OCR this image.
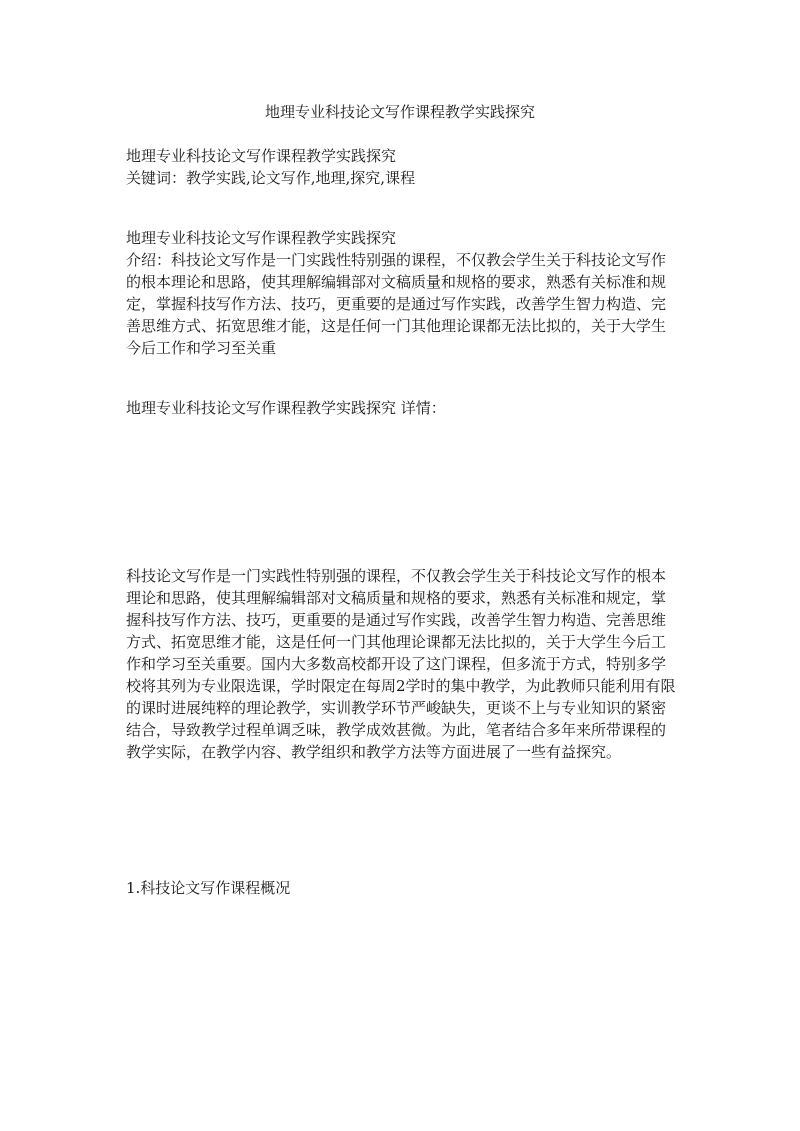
地理专业科技论文写作课程教学实践探究

地理专业科技论文写作课程教学实践探究

关键词：教学实践,论文写作,地理,探究,课程

地理专业科技论文写作课程教学实践探究

介绍：科技论文写作是一门实践性特别强的课程，不仅教会学生关于科技论文写作的根本理论和思路，使其理解编辑部对文稿质量和规格的要求，熟悉有关标准和规定，掌握科技写作方法、技巧，更重要的是通过写作实践，改善学生智力构造、完善思维方式、拓宽思维才能，这是任何一门其他理论课都无法比拟的，关于大学生今后工作和学习至关重

地理专业科技论文写作课程教学实践探究 详情：

科技论文写作是一门实践性特别强的课程，不仅教会学生关于科技论文写作的根本理论和思路，使其理解编辑部对文稿质量和规格的要求，熟悉有关标准和规定，掌握科技写作方法、技巧，更重要的是通过写作实践，改善学生智力构造、完善思维方式、拓宽思维才能，这是任何一门其他理论课都无法比拟的，关于大学生今后工作和学习至关重要。国内大多数高校都开设了这门课程，但多流于方式，特别多学校将其列为专业限选课，学时限定在每周2学时的集中教学，为此教师只能利用有限的课时进展纯粹的理论教学，实训教学环节严峻缺失，更谈不上与专业知识的紧密结合，导致教学过程单调乏味，教学成效甚微。为此，笔者结合多年来所带课程的教学实际，在教学内容、教学组织和教学方法等方面进展了一些有益探究。

1.科技论文写作课程概况
